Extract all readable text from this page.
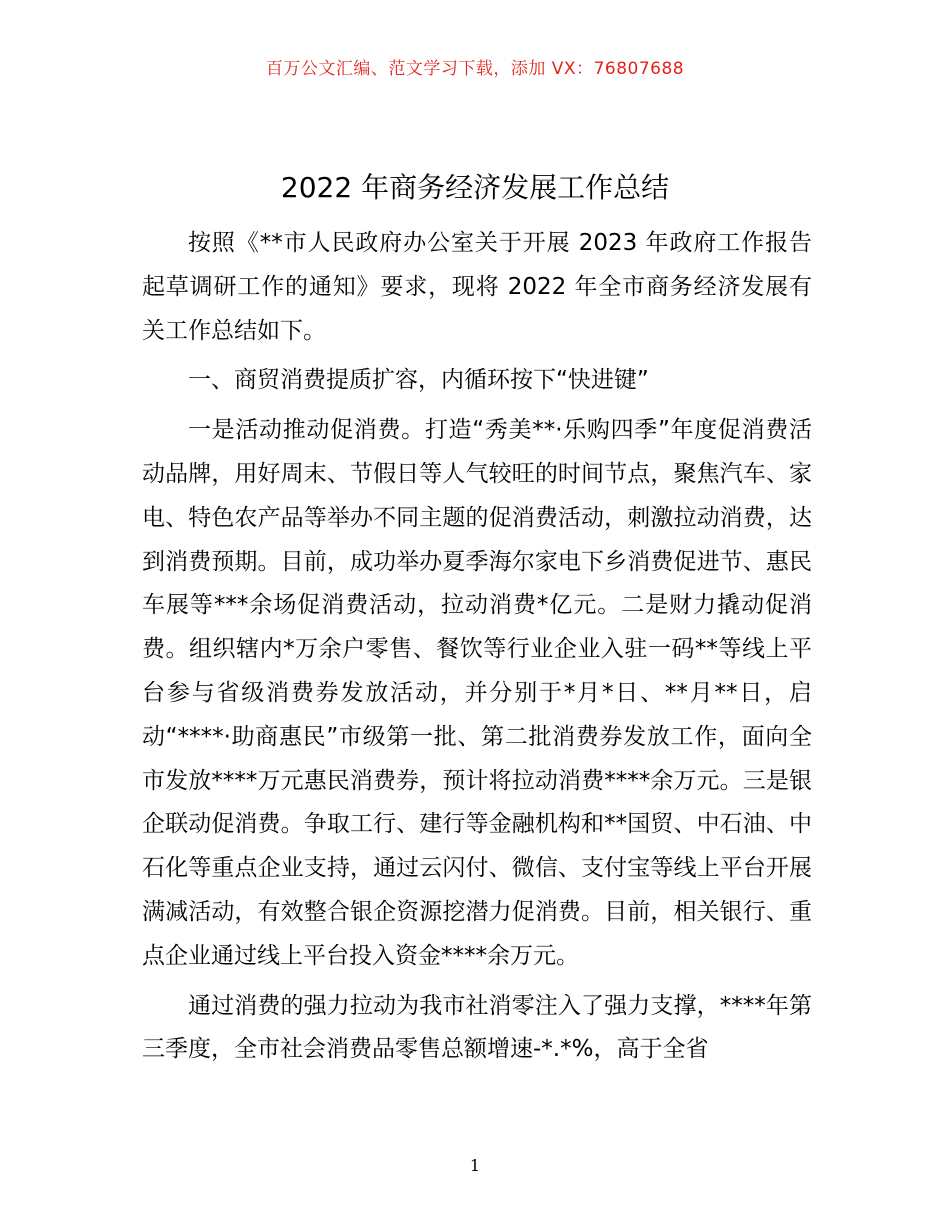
百万公文汇编、范文学习下载，添加 VX：76807688
2022 年商务经济发展工作总结

按照《**市人民政府办公室关于开展 2023 年政府工作报告起草调研工作的通知》要求，现将 2022 年全市商务经济发展有关工作总结如下。

一、商贸消费提质扩容，内循环按下“快进键”

一是活动推动促消费。打造“秀美**·乐购四季”年度促消费活动品牌，用好周末、节假日等人气较旺的时间节点，聚焦汽车、家电、特色农产品等举办不同主题的促消费活动，刺激拉动消费，达到消费预期。目前，成功举办夏季海尔家电下乡消费促进节、惠民车展等***余场促消费活动，拉动消费*亿元。二是财力撬动促消费。组织辖内*万余户零售、餐饮等行业企业入驻一码**等线上平台参与省级消费券发放活动，并分别于*月*日、**月**日，启动“****·助商惠民”市级第一批、第二批消费券发放工作，面向全市发放****万元惠民消费券，预计将拉动消费****余万元。三是银企联动促消费。争取工行、建行等金融机构和**国贸、中石油、中石化等重点企业支持，通过云闪付、微信、支付宝等线上平台开展满减活动，有效整合银企资源挖潜力促消费。目前，相关银行、重点企业通过线上平台投入资金****余万元。

通过消费的强力拉动为我市社消零注入了强力支撑，****年第三季度，全市社会消费品零售总额增速-*.*%，高于全省

1
